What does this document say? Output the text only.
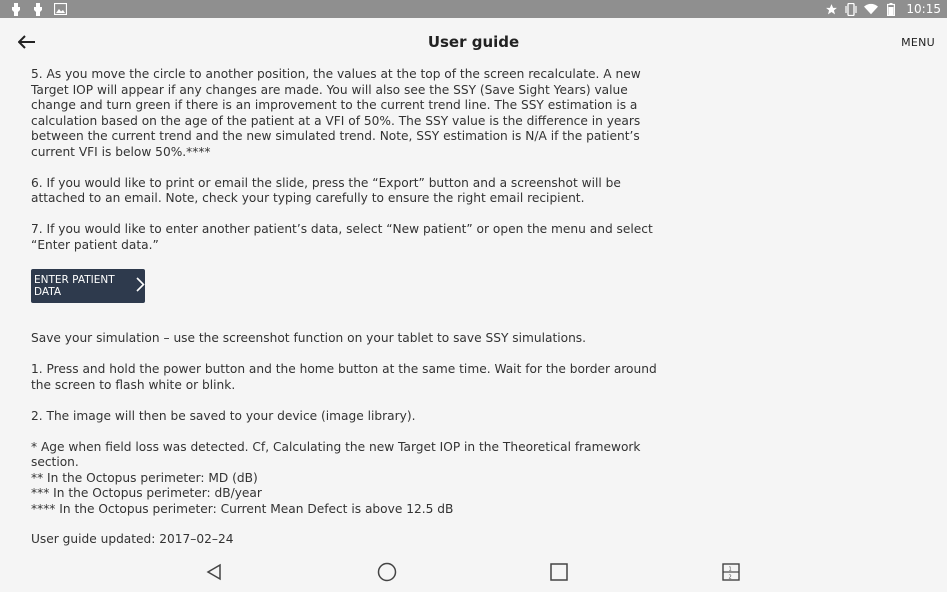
10:15
User guide	MENU

5. As you move the circle to another position, the values at the top of the screen recalculate. A new Target IOP will appear if any changes are made. You will also see the SSY (Save Sight Years) value change and turn green if there is an improvement to the current trend line. The SSY estimation is a calculation based on the age of the patient at a VFI of 50%. The SSY value is the difference in years between the current trend and the new simulated trend. Note, SSY estimation is N/A if the patient’s current VFI is below 50%.****

6. If you would like to print or email the slide, press the “Export” button and a screenshot will be attached to an email. Note, check your typing carefully to ensure the right email recipient.

7. If you would like to enter another patient’s data, select “New patient” or open the menu and select “Enter patient data.”

ENTER PATIENT DATA

Save your simulation – use the screenshot function on your tablet to save SSY simulations.

1. Press and hold the power button and the home button at the same time. Wait for the border around the screen to flash white or blink.

2. The image will then be saved to your device (image library).

* Age when field loss was detected. Cf, Calculating the new Target IOP in the Theoretical framework section.

** In the Octopus perimeter: MD (dB)

*** In the Octopus perimeter: dB/year

**** In the Octopus perimeter: Current Mean Defect is above 12.5 dB

User guide updated: 2017–02–24
1
2
